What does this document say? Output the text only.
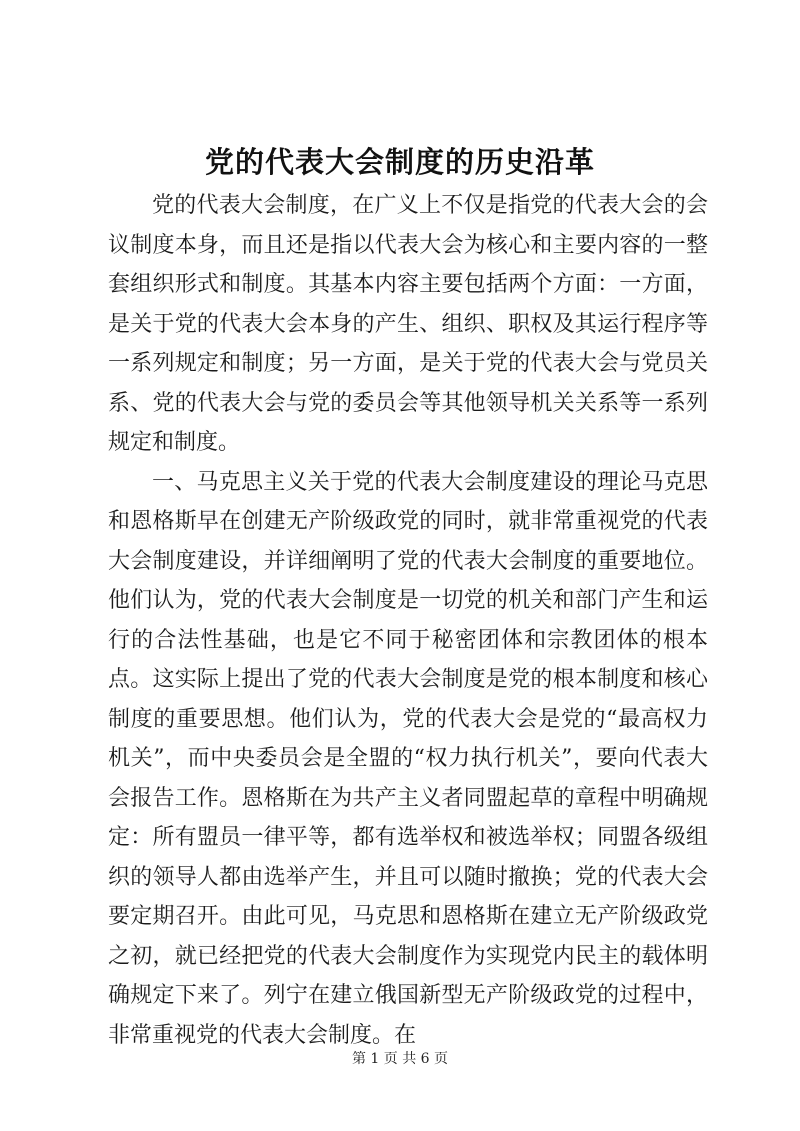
党的代表大会制度的历史沿革

党的代表大会制度，在广义上不仅是指党的代表大会的会议制度本身，而且还是指以代表大会为核心和主要内容的一整套组织形式和制度。其基本内容主要包括两个方面：一方面，是关于党的代表大会本身的产生、组织、职权及其运行程序等一系列规定和制度；另一方面，是关于党的代表大会与党员关系、党的代表大会与党的委员会等其他领导机关关系等一系列规定和制度。

一、马克思主义关于党的代表大会制度建设的理论马克思和恩格斯早在创建无产阶级政党的同时，就非常重视党的代表大会制度建设，并详细阐明了党的代表大会制度的重要地位。他们认为，党的代表大会制度是一切党的机关和部门产生和运行的合法性基础，也是它不同于秘密团体和宗教团体的根本点。这实际上提出了党的代表大会制度是党的根本制度和核心制度的重要思想。他们认为，党的代表大会是党的“最高权力机关”，而中央委员会是全盟的“权力执行机关”，要向代表大会报告工作。恩格斯在为共产主义者同盟起草的章程中明确规定：所有盟员一律平等，都有选举权和被选举权；同盟各级组织的领导人都由选举产生，并且可以随时撤换；党的代表大会要定期召开。由此可见，马克思和恩格斯在建立无产阶级政党之初，就已经把党的代表大会制度作为实现党内民主的载体明确规定下来了。列宁在建立俄国新型无产阶级政党的过程中，非常重视党的代表大会制度。在

第 1 页 共 6 页
